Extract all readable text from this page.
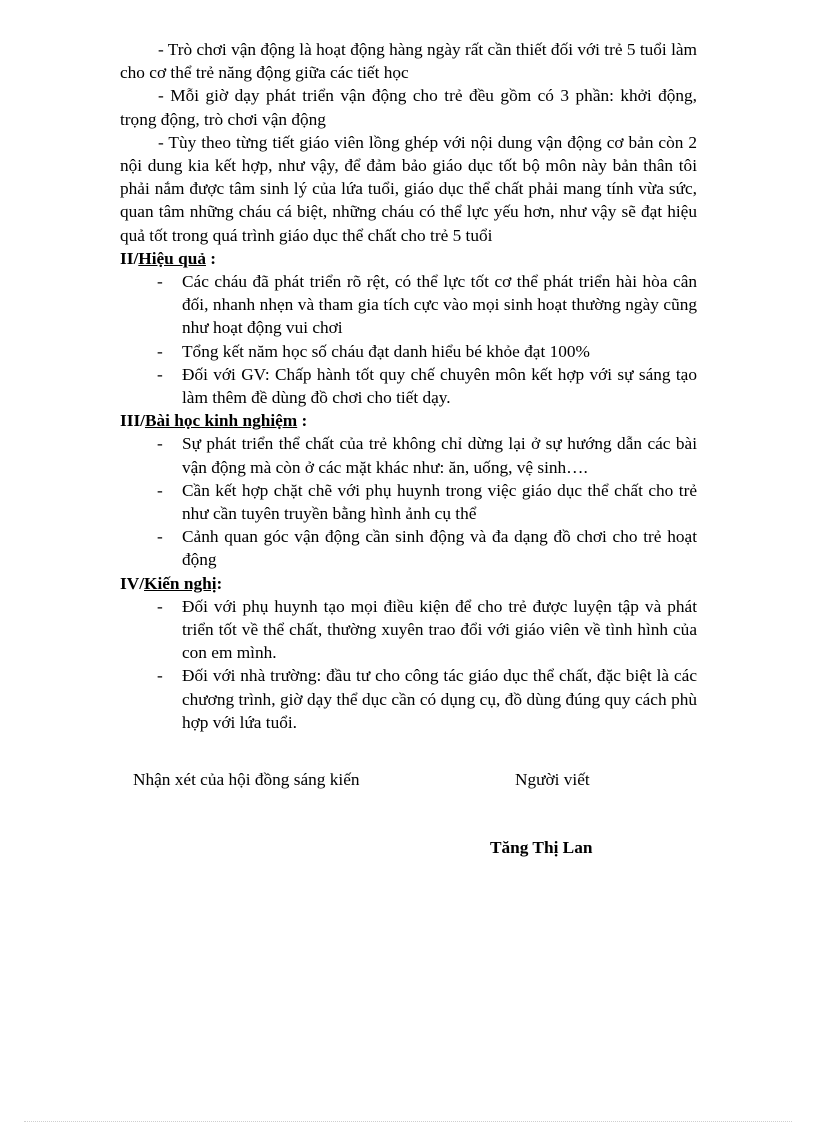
- Trò chơi vận động là hoạt động hàng ngày rất cần thiết đối với trẻ 5 tuổi làm cho cơ thể trẻ năng động giữa các tiết học

- Mỗi giờ dạy phát triển vận động cho trẻ đều gồm có 3 phần: khởi động, trọng động, trò chơi vận động

- Tùy theo từng tiết giáo viên lồng ghép với nội dung vận động cơ bản còn 2 nội dung kia kết hợp, như vậy, để đảm bảo giáo dục tốt bộ môn này bản thân tôi phải nắm được tâm sinh lý của lứa tuổi, giáo dục thể chất phải mang tính vừa sức, quan tâm những cháu cá biệt, những cháu có thể lực yếu hơn, như vậy sẽ đạt hiệu quả tốt trong quá trình giáo dục thể chất cho trẻ 5 tuổi

II/Hiệu quả :

- Các cháu đã phát triển rõ rệt, có thể lực tốt cơ thể phát triển hài hòa cân đối, nhanh nhẹn và tham gia tích cực vào mọi sinh hoạt thường ngày cũng như hoạt động vui chơi
- Tổng kết năm học số cháu đạt danh hiểu bé khỏe đạt 100%
- Đối với GV: Chấp hành tốt quy chế chuyên môn kết hợp với sự sáng tạo làm thêm đề dùng đồ chơi cho tiết dạy.

III/Bài học kinh nghiệm :

- Sự phát triển thể chất của trẻ không chỉ dừng lại ở sự hướng dẫn các bài vận động mà còn ở các mặt khác như: ăn, uống, vệ sinh….
- Cần kết hợp chặt chẽ với phụ huynh trong việc giáo dục thể chất cho trẻ như cần tuyên truyền bằng hình ảnh cụ thể
- Cảnh quan góc vận động cần sinh động và đa dạng đồ chơi cho trẻ hoạt động

IV/Kiến nghị:

- Đối với phụ huynh tạo mọi điều kiện để cho trẻ được luyện tập và phát triển tốt về thể chất, thường xuyên trao đổi với giáo viên về tình hình của con em mình.
- Đối với nhà trường: đầu tư cho công tác giáo dục thể chất, đặc biệt là các chương trình, giờ dạy thể dục cần có dụng cụ, đồ dùng đúng quy cách phù hợp với lứa tuổi.
Nhận xét của hội đồng sáng kiến	Người viết
Tăng Thị Lan
